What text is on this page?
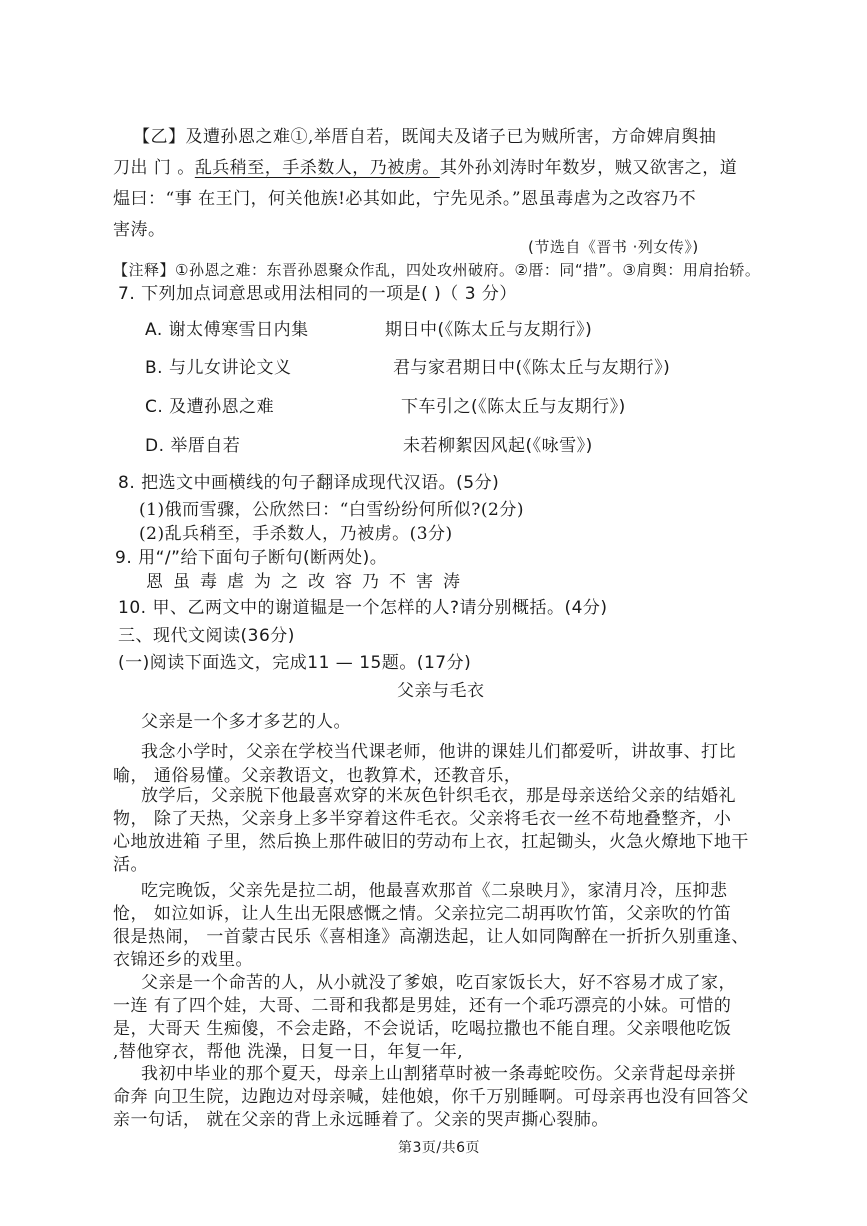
【乙】及遭孙恩之难①,举厝自若，既闻夫及诸子已为贼所害，方命婢肩舆抽
刀出 门 。乱兵稍至，手杀数人，乃被虏。其外孙刘涛时年数岁，贼又欲害之，道
煴曰：“事 在王门，何关他族!必其如此，宁先见杀。”恩虽毒虐为之改容乃不
害涛。
(节选自《晋书 ·列女传》)
【注释】①孙恩之难：东晋孙恩聚众作乱，四处攻州破府。②厝：同“措”。③肩舆：用肩抬轿。
7. 下列加点词意思或用法相同的一项是( )（ 3 分）
A. 谢太傅寒雪日内集	期日中(《陈太丘与友期行》)
B. 与儿女讲论文义	君与家君期日中(《陈太丘与友期行》)
C. 及遭孙恩之难	下车引之(《陈太丘与友期行》)
D. 举厝自若	未若柳絮因风起(《咏雪》)
8. 把选文中画横线的句子翻译成现代汉语。(5分)
(1)俄而雪骤，公欣然曰：“白雪纷纷何所似?(2分)
(2)乱兵稍至，手杀数人，乃被虏。(3分)
9. 用“/”给下面句子断句(断两处)。
恩虽毒虐为之改容乃不害涛
10. 甲、乙两文中的谢道韫是一个怎样的人?请分别概括。(4分)
三、现代文阅读(36分)
(一)阅读下面选文，完成11 — 15题。(17分)
父亲与毛衣
父亲是一个多才多艺的人。
我念小学时，父亲在学校当代课老师，他讲的课娃儿们都爱听，讲故事、打比
喻， 通俗易懂。父亲教语文，也教算术，还教音乐，
放学后，父亲脱下他最喜欢穿的米灰色针织毛衣，那是母亲送给父亲的结婚礼
物， 除了天热，父亲身上多半穿着这件毛衣。父亲将毛衣一丝不苟地叠整齐，小
心地放进箱 子里，然后换上那件破旧的劳动布上衣，扛起锄头，火急火燎地下地干
活。
吃完晚饭，父亲先是拉二胡，他最喜欢那首《二泉映月》，家清月冷，压抑悲
怆， 如泣如诉，让人生出无限感慨之情。父亲拉完二胡再吹竹笛，父亲吹的竹笛
很是热闹， 一首蒙古民乐《喜相逢》高潮迭起，让人如同陶醉在一折折久别重逢、
衣锦还乡的戏里。
父亲是一个命苦的人，从小就没了爹娘，吃百家饭长大，好不容易才成了家，
一连 有了四个娃，大哥、二哥和我都是男娃，还有一个乖巧漂亮的小妹。可惜的
是，大哥天 生痴傻，不会走路，不会说话，吃喝拉撒也不能自理。父亲喂他吃饭
,替他穿衣，帮他 洗澡，日复一日，年复一年,
我初中毕业的那个夏天，母亲上山割猪草时被一条毒蛇咬伤。父亲背起母亲拼
命奔 向卫生院，边跑边对母亲喊，娃他娘，你千万别睡啊。可母亲再也没有回答父
亲一句话， 就在父亲的背上永远睡着了。父亲的哭声撕心裂肺。
第3页/共6页
